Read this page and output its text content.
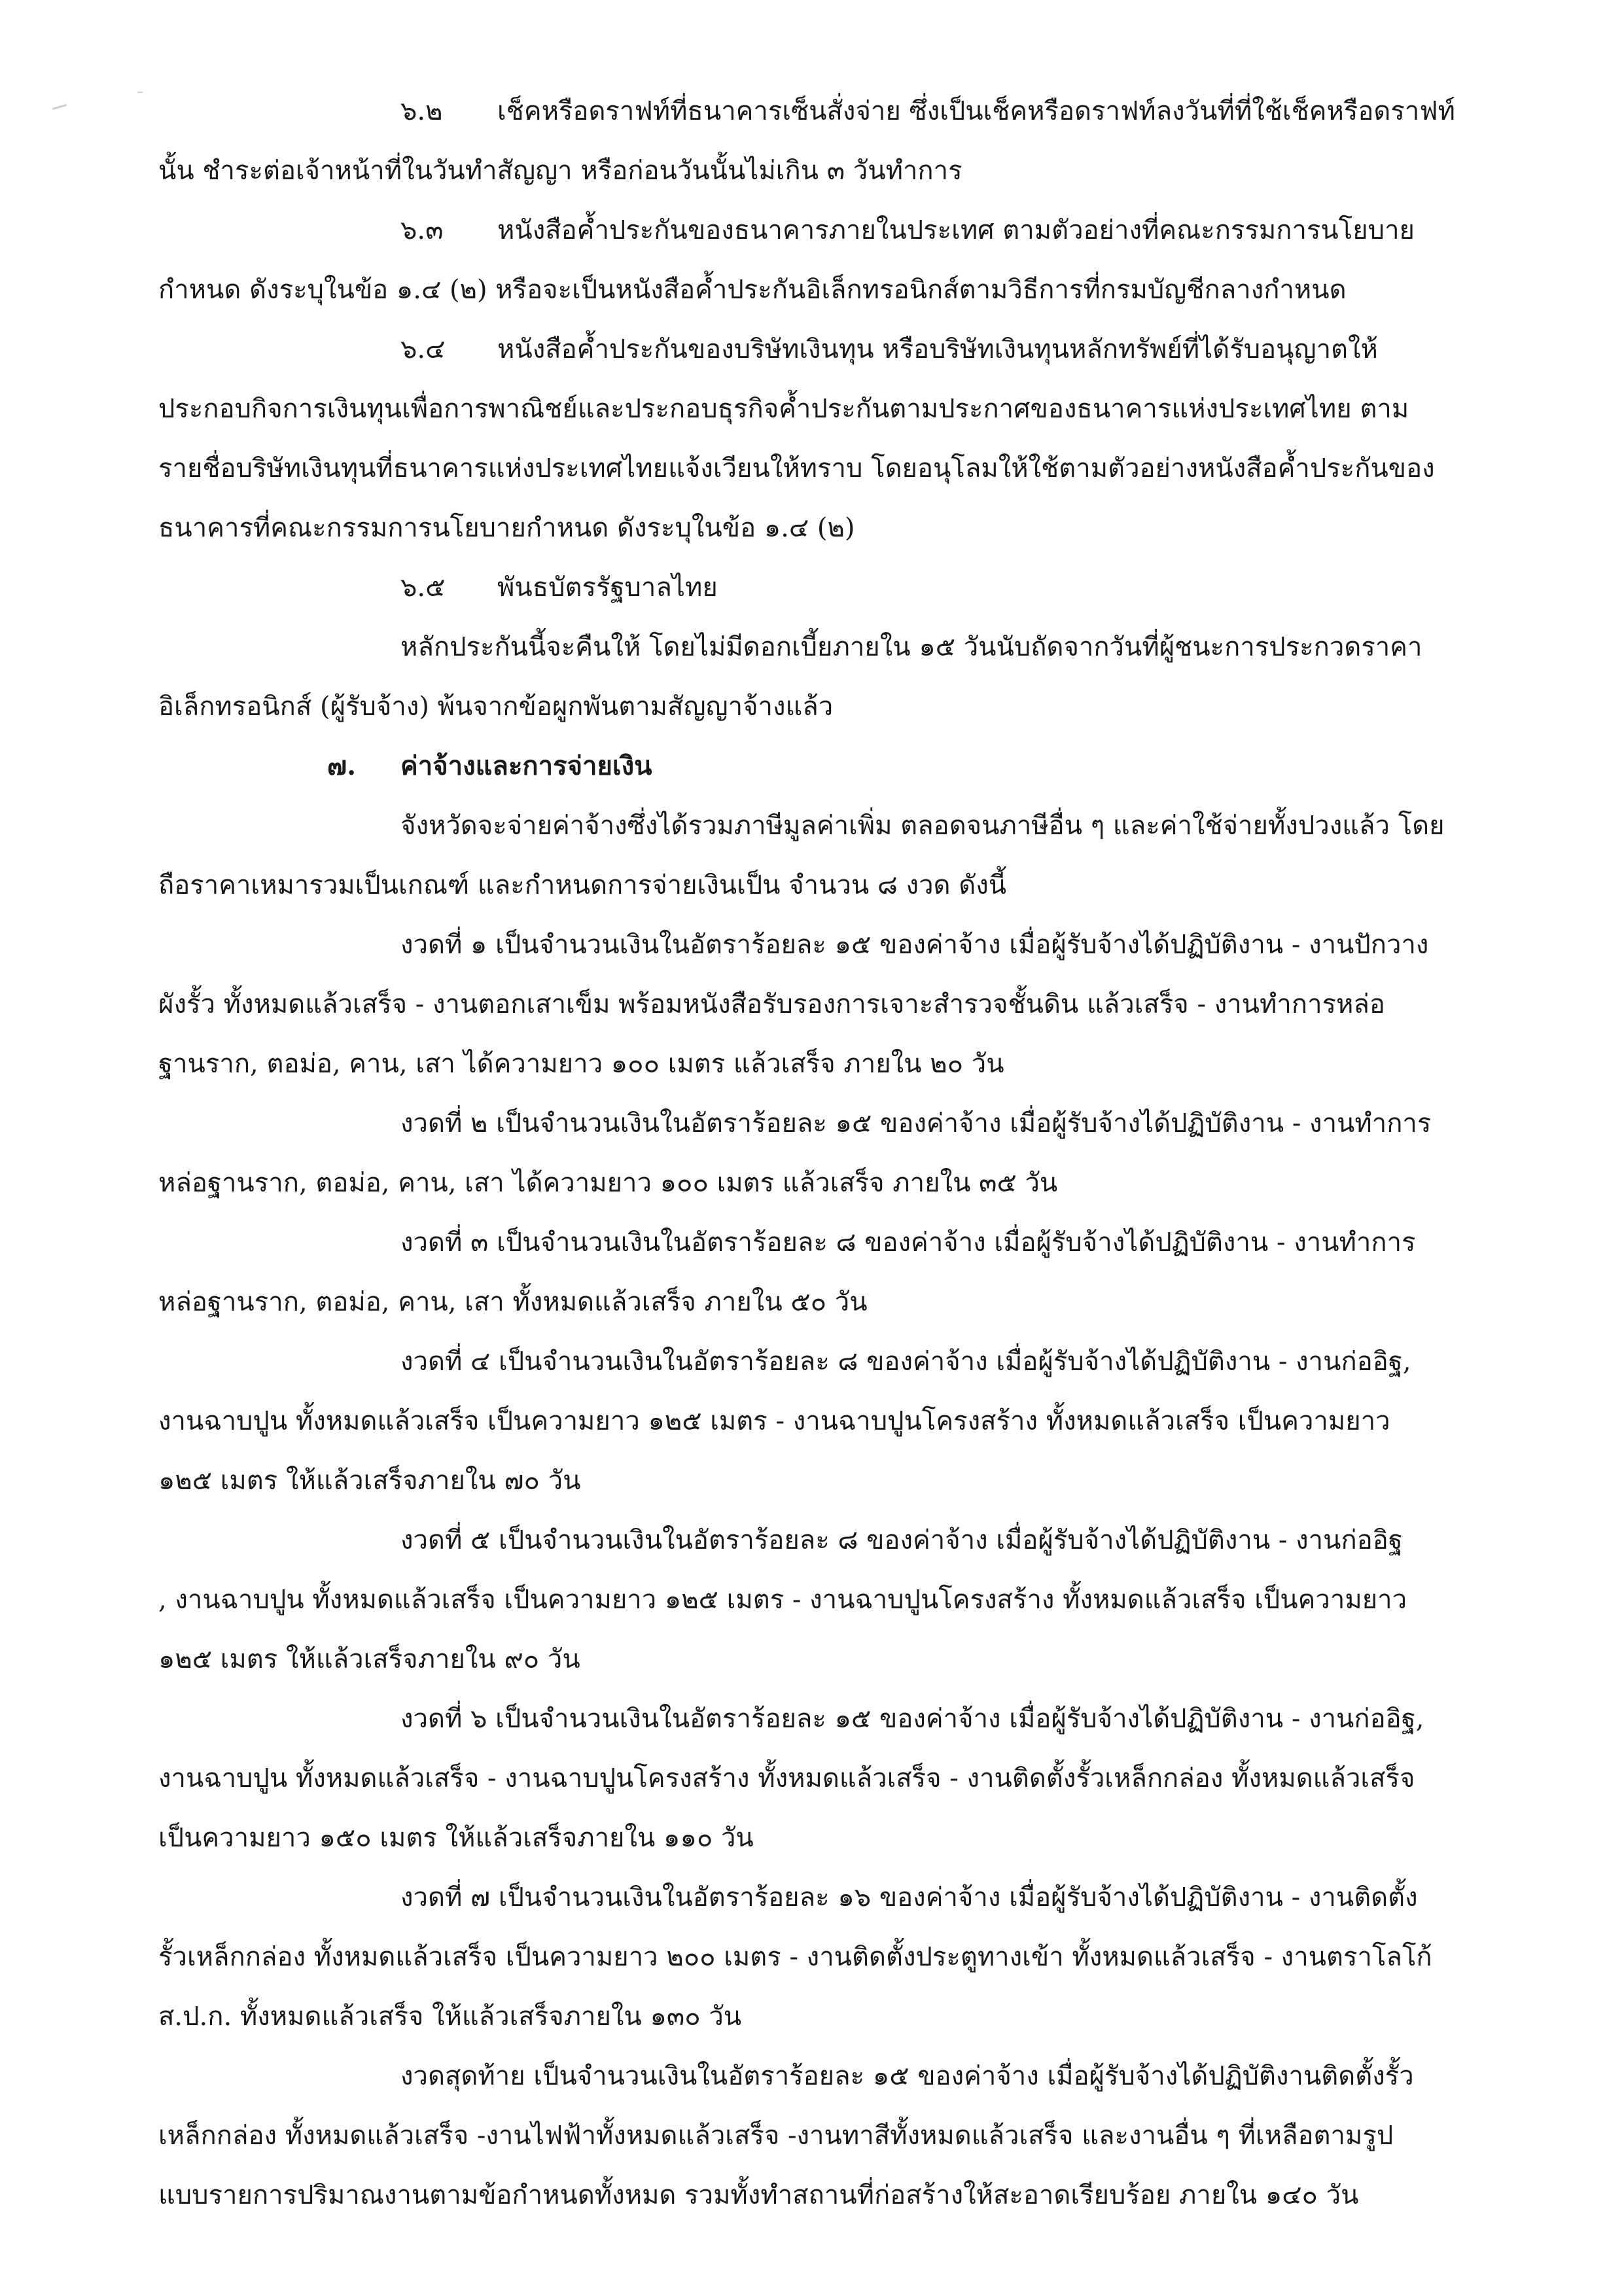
๖.๒ เช็คหรือดราฟท์ที่ธนาคารเซ็นสั่งจ่าย ซึ่งเป็นเช็คหรือดราฟท์ลงวันที่ที่ใช้เช็คหรือดราฟท์
นั้น ชำระต่อเจ้าหน้าที่ในวันทำสัญญา หรือก่อนวันนั้นไม่เกิน ๓ วันทำการ
๖.๓ หนังสือค้ำประกันของธนาคารภายในประเทศ ตามตัวอย่างที่คณะกรรมการนโยบาย
กำหนด ดังระบุในข้อ ๑.๔ (๒) หรือจะเป็นหนังสือค้ำประกันอิเล็กทรอนิกส์ตามวิธีการที่กรมบัญชีกลางกำหนด
๖.๔ หนังสือค้ำประกันของบริษัทเงินทุน หรือบริษัทเงินทุนหลักทรัพย์ที่ได้รับอนุญาตให้
ประกอบกิจการเงินทุนเพื่อการพาณิชย์และประกอบธุรกิจค้ำประกันตามประกาศของธนาคารแห่งประเทศไทย ตาม
รายชื่อบริษัทเงินทุนที่ธนาคารแห่งประเทศไทยแจ้งเวียนให้ทราบ โดยอนุโลมให้ใช้ตามตัวอย่างหนังสือค้ำประกันของ
ธนาคารที่คณะกรรมการนโยบายกำหนด ดังระบุในข้อ ๑.๔ (๒)
๖.๕ พันธบัตรรัฐบาลไทย
หลักประกันนี้จะคืนให้ โดยไม่มีดอกเบี้ยภายใน ๑๕ วันนับถัดจากวันที่ผู้ชนะการประกวดราคา
อิเล็กทรอนิกส์ (ผู้รับจ้าง) พ้นจากข้อผูกพันตามสัญญาจ้างแล้ว
๗. ค่าจ้างและการจ่ายเงิน
จังหวัดจะจ่ายค่าจ้างซึ่งได้รวมภาษีมูลค่าเพิ่ม ตลอดจนภาษีอื่น ๆ และค่าใช้จ่ายทั้งปวงแล้ว โดย
ถือราคาเหมารวมเป็นเกณฑ์ และกำหนดการจ่ายเงินเป็น จำนวน ๘ งวด ดังนี้
งวดที่ ๑ เป็นจำนวนเงินในอัตราร้อยละ ๑๕ ของค่าจ้าง เมื่อผู้รับจ้างได้ปฏิบัติงาน - งานปักวาง
ผังรั้ว ทั้งหมดแล้วเสร็จ - งานตอกเสาเข็ม พร้อมหนังสือรับรองการเจาะสำรวจชั้นดิน แล้วเสร็จ - งานทำการหล่อ
ฐานราก, ตอม่อ, คาน, เสา ได้ความยาว ๑๐๐ เมตร แล้วเสร็จ ภายใน ๒๐ วัน
งวดที่ ๒ เป็นจำนวนเงินในอัตราร้อยละ ๑๕ ของค่าจ้าง เมื่อผู้รับจ้างได้ปฏิบัติงาน - งานทำการ
หล่อฐานราก, ตอม่อ, คาน, เสา ได้ความยาว ๑๐๐ เมตร แล้วเสร็จ ภายใน ๓๕ วัน
งวดที่ ๓ เป็นจำนวนเงินในอัตราร้อยละ ๘ ของค่าจ้าง เมื่อผู้รับจ้างได้ปฏิบัติงาน - งานทำการ
หล่อฐานราก, ตอม่อ, คาน, เสา ทั้งหมดแล้วเสร็จ ภายใน ๕๐ วัน
งวดที่ ๔ เป็นจำนวนเงินในอัตราร้อยละ ๘ ของค่าจ้าง เมื่อผู้รับจ้างได้ปฏิบัติงาน - งานก่ออิฐ,
งานฉาบปูน ทั้งหมดแล้วเสร็จ เป็นความยาว ๑๒๕ เมตร - งานฉาบปูนโครงสร้าง ทั้งหมดแล้วเสร็จ เป็นความยาว
๑๒๕ เมตร ให้แล้วเสร็จภายใน ๗๐ วัน
งวดที่ ๕ เป็นจำนวนเงินในอัตราร้อยละ ๘ ของค่าจ้าง เมื่อผู้รับจ้างได้ปฏิบัติงาน - งานก่ออิฐ
, งานฉาบปูน ทั้งหมดแล้วเสร็จ เป็นความยาว ๑๒๕ เมตร - งานฉาบปูนโครงสร้าง ทั้งหมดแล้วเสร็จ เป็นความยาว
๑๒๕ เมตร ให้แล้วเสร็จภายใน ๙๐ วัน
งวดที่ ๖ เป็นจำนวนเงินในอัตราร้อยละ ๑๕ ของค่าจ้าง เมื่อผู้รับจ้างได้ปฏิบัติงาน - งานก่ออิฐ,
งานฉาบปูน ทั้งหมดแล้วเสร็จ - งานฉาบปูนโครงสร้าง ทั้งหมดแล้วเสร็จ - งานติดตั้งรั้วเหล็กกล่อง ทั้งหมดแล้วเสร็จ
เป็นความยาว ๑๕๐ เมตร ให้แล้วเสร็จภายใน ๑๑๐ วัน
งวดที่ ๗ เป็นจำนวนเงินในอัตราร้อยละ ๑๖ ของค่าจ้าง เมื่อผู้รับจ้างได้ปฏิบัติงาน - งานติดตั้ง
รั้วเหล็กกล่อง ทั้งหมดแล้วเสร็จ เป็นความยาว ๒๐๐ เมตร - งานติดตั้งประตูทางเข้า ทั้งหมดแล้วเสร็จ - งานตราโลโก้
ส.ป.ก. ทั้งหมดแล้วเสร็จ ให้แล้วเสร็จภายใน ๑๓๐ วัน
งวดสุดท้าย เป็นจำนวนเงินในอัตราร้อยละ ๑๕ ของค่าจ้าง เมื่อผู้รับจ้างได้ปฏิบัติงานติดตั้งรั้ว
เหล็กกล่อง ทั้งหมดแล้วเสร็จ -งานไฟฟ้าทั้งหมดแล้วเสร็จ -งานทาสีทั้งหมดแล้วเสร็จ และงานอื่น ๆ ที่เหลือตามรูป
แบบรายการปริมาณงานตามข้อกำหนดทั้งหมด รวมทั้งทำสถานที่ก่อสร้างให้สะอาดเรียบร้อย ภายใน ๑๔๐ วัน
